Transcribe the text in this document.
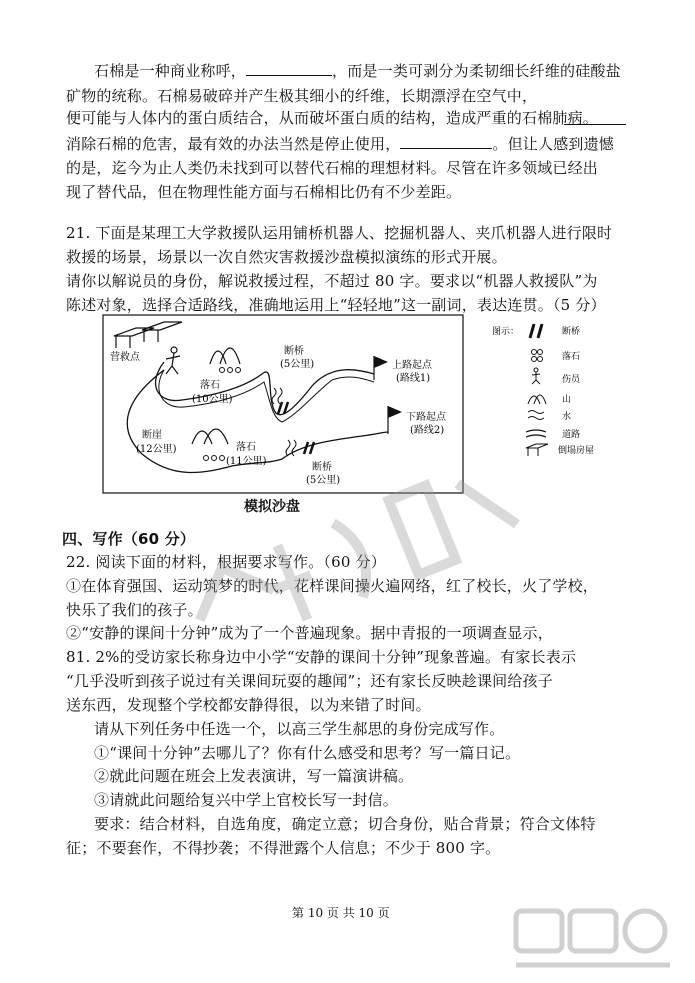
石棉是一种商业称呼，	，而是一类可剥分为柔韧细长纤维的硅酸盐
矿物的统称。石棉易破碎并产生极其细小的纤维，长期漂浮在空气中，
便可能与人体内的蛋白质结合，从而破坏蛋白质的结构，造成严重的石棉肺病。
消除石棉的危害，最有效的办法当然是停止使用，	。但让人感到遗憾
的是，迄今为止人类仍未找到可以替代石棉的理想材料。尽管在许多领域已经出
现了替代品，但在物理性能方面与石棉相比仍有不少差距。
21. 下面是某理工大学救援队运用铺桥机器人、挖掘机器人、夹爪机器人进行限时
救援的场景，场景以一次自然灾害救援沙盘模拟演练的形式开展。
请你以解说员的身份，解说救援过程，不超过 80 字。要求以“机器人救援队”为
陈述对象，选择合适路线，准确地运用上“轻轻地”这一副词，表达连贯。（5 分）
营救点
落石
(10公里)
断桥
(5公里)	上路起点
(路线1)
下路起点
(路线2)
断崖
(12公里)	落石
(11公里)
断桥
(5公里)
图示：	断桥
落石
伤员
山
水
道路
倒塌房屋
模拟沙盘
四、写作（60 分）
22. 阅读下面的材料，根据要求写作。（60 分）
①在体育强国、运动筑梦的时代，花样课间操火遍网络，红了校长，火了学校，
快乐了我们的孩子。
②“安静的课间十分钟”成为了一个普遍现象。据中青报的一项调查显示，
81. 2%的受访家长称身边中小学“安静的课间十分钟”现象普遍。有家长表示
“几乎没听到孩子说过有关课间玩耍的趣闻”；还有家长反映趁课间给孩子
送东西，发现整个学校都安静得很，以为来错了时间。
请从下列任务中任选一个，以高三学生郝思的身份完成写作。
①“课间十分钟”去哪儿了？你有什么感受和思考？写一篇日记。
②就此问题在班会上发表演讲，写一篇演讲稿。
③请就此问题给复兴中学上官校长写一封信。
要求：结合材料，自选角度，确定立意；切合身份，贴合背景；符合文体特
征；不要套作，不得抄袭；不得泄露个人信息；不少于 800 字。
第 10 页 共 10 页
